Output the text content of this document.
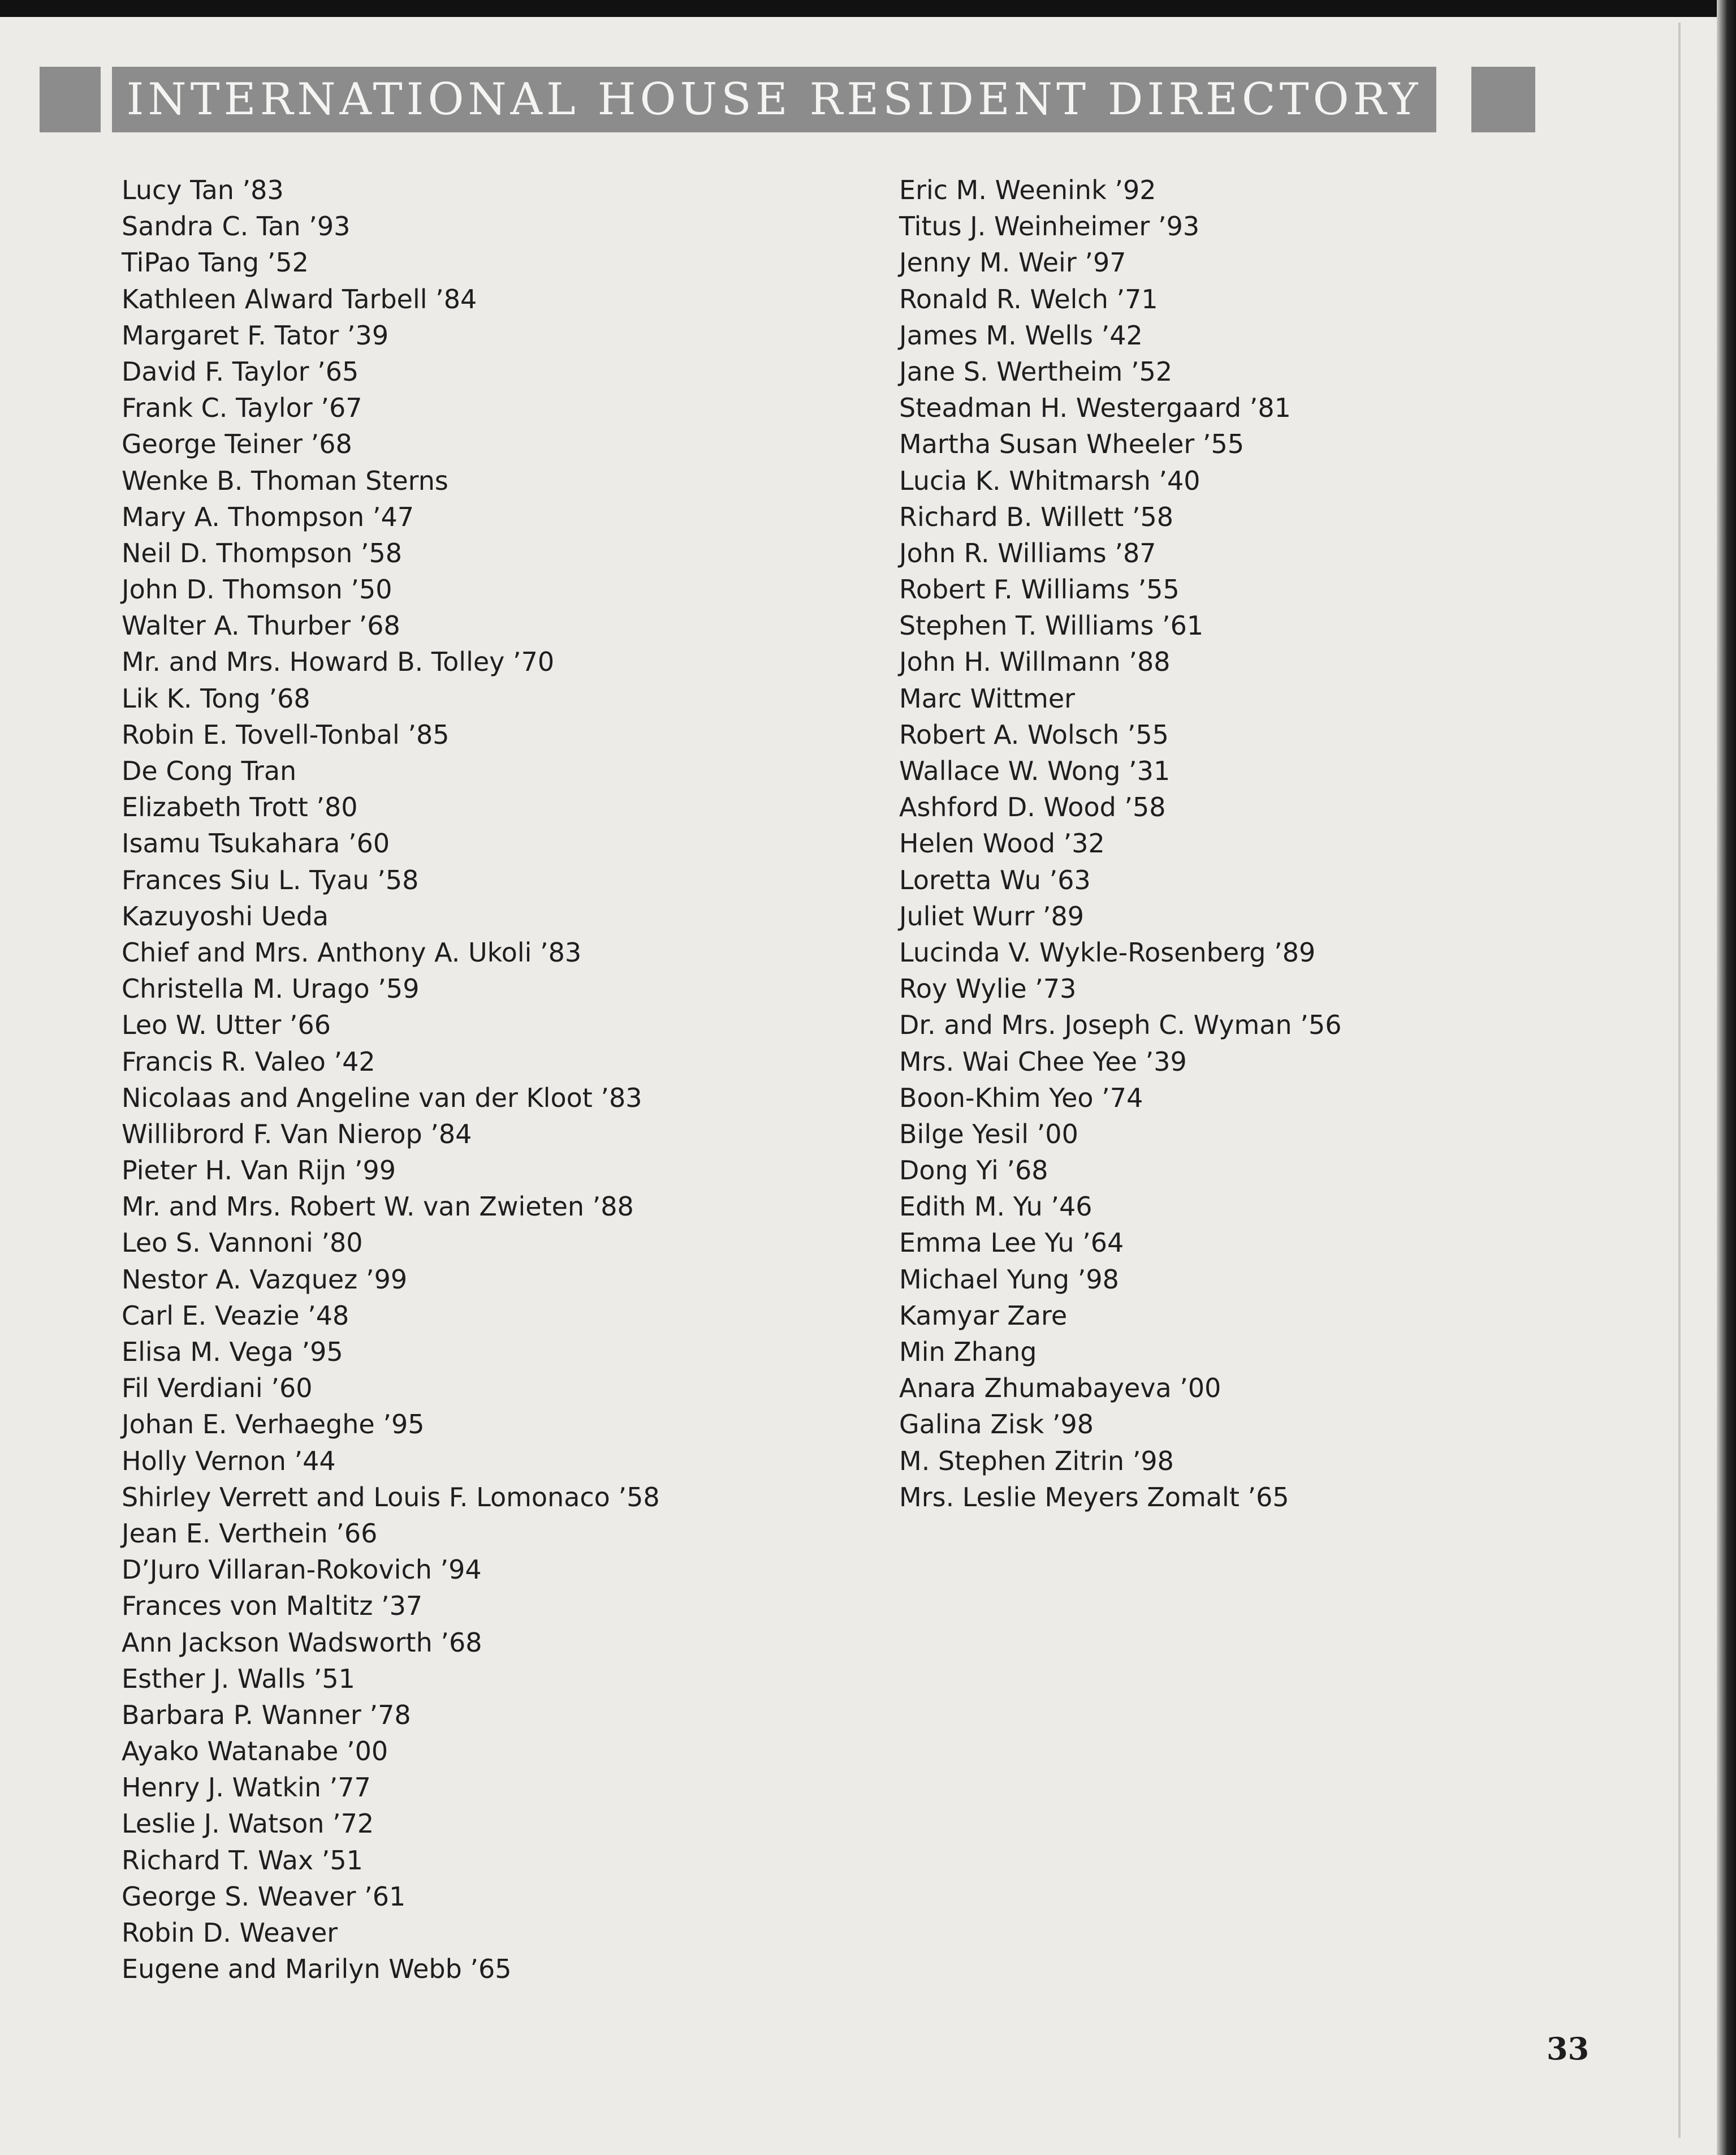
INTERNATIONAL HOUSE RESIDENT DIRECTORY
Lucy Tan ’83
Sandra C. Tan ’93
TiPao Tang ’52
Kathleen Alward Tarbell ’84
Margaret F. Tator ’39
David F. Taylor ’65
Frank C. Taylor ’67
George Teiner ’68
Wenke B. Thoman Sterns
Mary A. Thompson ’47
Neil D. Thompson ’58
John D. Thomson ’50
Walter A. Thurber ’68
Mr. and Mrs. Howard B. Tolley ’70
Lik K. Tong ’68
Robin E. Tovell-Tonbal ’85
De Cong Tran
Elizabeth Trott ’80
Isamu Tsukahara ’60
Frances Siu L. Tyau ’58
Kazuyoshi Ueda
Chief and Mrs. Anthony A. Ukoli ’83
Christella M. Urago ’59
Leo W. Utter ’66
Francis R. Valeo ’42
Nicolaas and Angeline van der Kloot ’83
Willibrord F. Van Nierop ’84
Pieter H. Van Rijn ’99
Mr. and Mrs. Robert W. van Zwieten ’88
Leo S. Vannoni ’80
Nestor A. Vazquez ’99
Carl E. Veazie ’48
Elisa M. Vega ’95
Fil Verdiani ’60
Johan E. Verhaeghe ’95
Holly Vernon ’44
Shirley Verrett and Louis F. Lomonaco ’58
Jean E. Verthein ’66
D’Juro Villaran-Rokovich ’94
Frances von Maltitz ’37
Ann Jackson Wadsworth ’68
Esther J. Walls ’51
Barbara P. Wanner ’78
Ayako Watanabe ’00
Henry J. Watkin ’77
Leslie J. Watson ’72
Richard T. Wax ’51
George S. Weaver ’61
Robin D. Weaver
Eugene and Marilyn Webb ’65
Eric M. Weenink ’92
Titus J. Weinheimer ’93
Jenny M. Weir ’97
Ronald R. Welch ’71
James M. Wells ’42
Jane S. Wertheim ’52
Steadman H. Westergaard ’81
Martha Susan Wheeler ’55
Lucia K. Whitmarsh ’40
Richard B. Willett ’58
John R. Williams ’87
Robert F. Williams ’55
Stephen T. Williams ’61
John H. Willmann ’88
Marc Wittmer
Robert A. Wolsch ’55
Wallace W. Wong ’31
Ashford D. Wood ’58
Helen Wood ’32
Loretta Wu ’63
Juliet Wurr ’89
Lucinda V. Wykle-Rosenberg ’89
Roy Wylie ’73
Dr. and Mrs. Joseph C. Wyman ’56
Mrs. Wai Chee Yee ’39
Boon-Khim Yeo ’74
Bilge Yesil ’00
Dong Yi ’68
Edith M. Yu ’46
Emma Lee Yu ’64
Michael Yung ’98
Kamyar Zare
Min Zhang
Anara Zhumabayeva ’00
Galina Zisk ’98
M. Stephen Zitrin ’98
Mrs. Leslie Meyers Zomalt ’65
33
